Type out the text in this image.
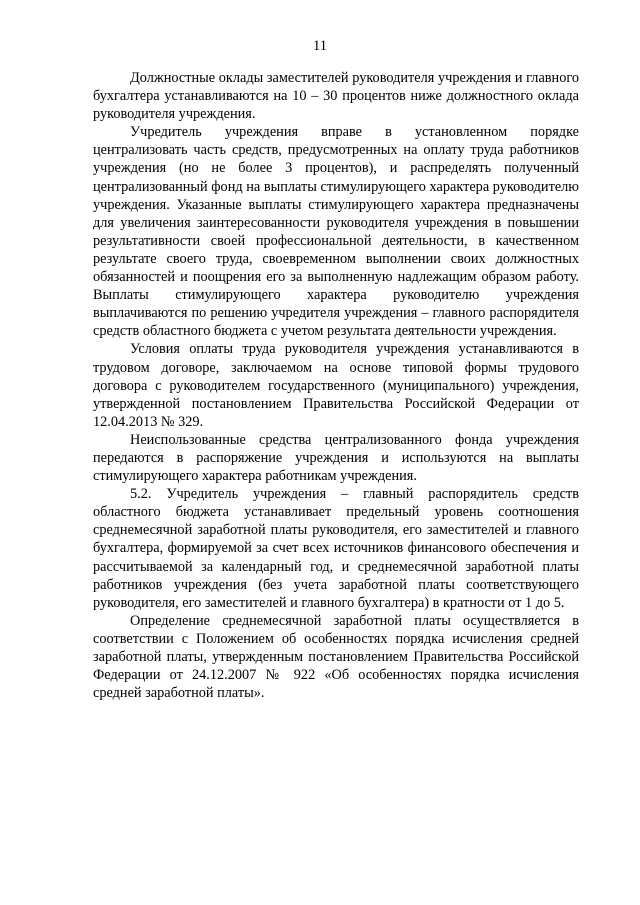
11

Должностные оклады заместителей руководителя учреждения и главного бухгалтера устанавливаются на 10 – 30 процентов ниже должностного оклада руководителя учреждения.

Учредитель учреждения вправе в установленном порядке централизовать часть средств, предусмотренных на оплату труда работников учреждения (но не более 3 процентов), и распределять полученный централизованный фонд на выплаты стимулирующего характера руководителю учреждения. Указанные выплаты стимулирующего характера предназначены для увеличения заинтересованности руководителя учреждения в повышении результативности своей профессиональной деятельности, в качественном результате своего труда, своевременном выполнении своих должностных обязанностей и поощрения его за выполненную надлежащим образом работу. Выплаты стимулирующего характера руководителю учреждения выплачиваются по решению учредителя учреждения – главного распорядителя средств областного бюджета с учетом результата деятельности учреждения.

Условия оплаты труда руководителя учреждения устанавливаются в трудовом договоре, заключаемом на основе типовой формы трудового договора с руководителем государственного (муниципального) учреждения, утвержденной постановлением Правительства Российской Федерации от 12.04.2013 № 329.

Неиспользованные средства централизованного фонда учреждения передаются в распоряжение учреждения и используются на выплаты стимулирующего характера работникам учреждения.

5.2. Учредитель учреждения – главный распорядитель средств областного бюджета устанавливает предельный уровень соотношения среднемесячной заработной платы руководителя, его заместителей и главного бухгалтера, формируемой за счет всех источников финансового обеспечения и рассчитываемой за календарный год, и среднемесячной заработной платы работников учреждения (без учета заработной платы соответствующего руководителя, его заместителей и главного бухгалтера) в кратности от 1 до 5.

Определение среднемесячной заработной платы осуществляется в соответствии с Положением об особенностях порядка исчисления средней заработной платы, утвержденным постановлением Правительства Российской Федерации от 24.12.2007 № 922 «Об особенностях порядка исчисления средней заработной платы».
